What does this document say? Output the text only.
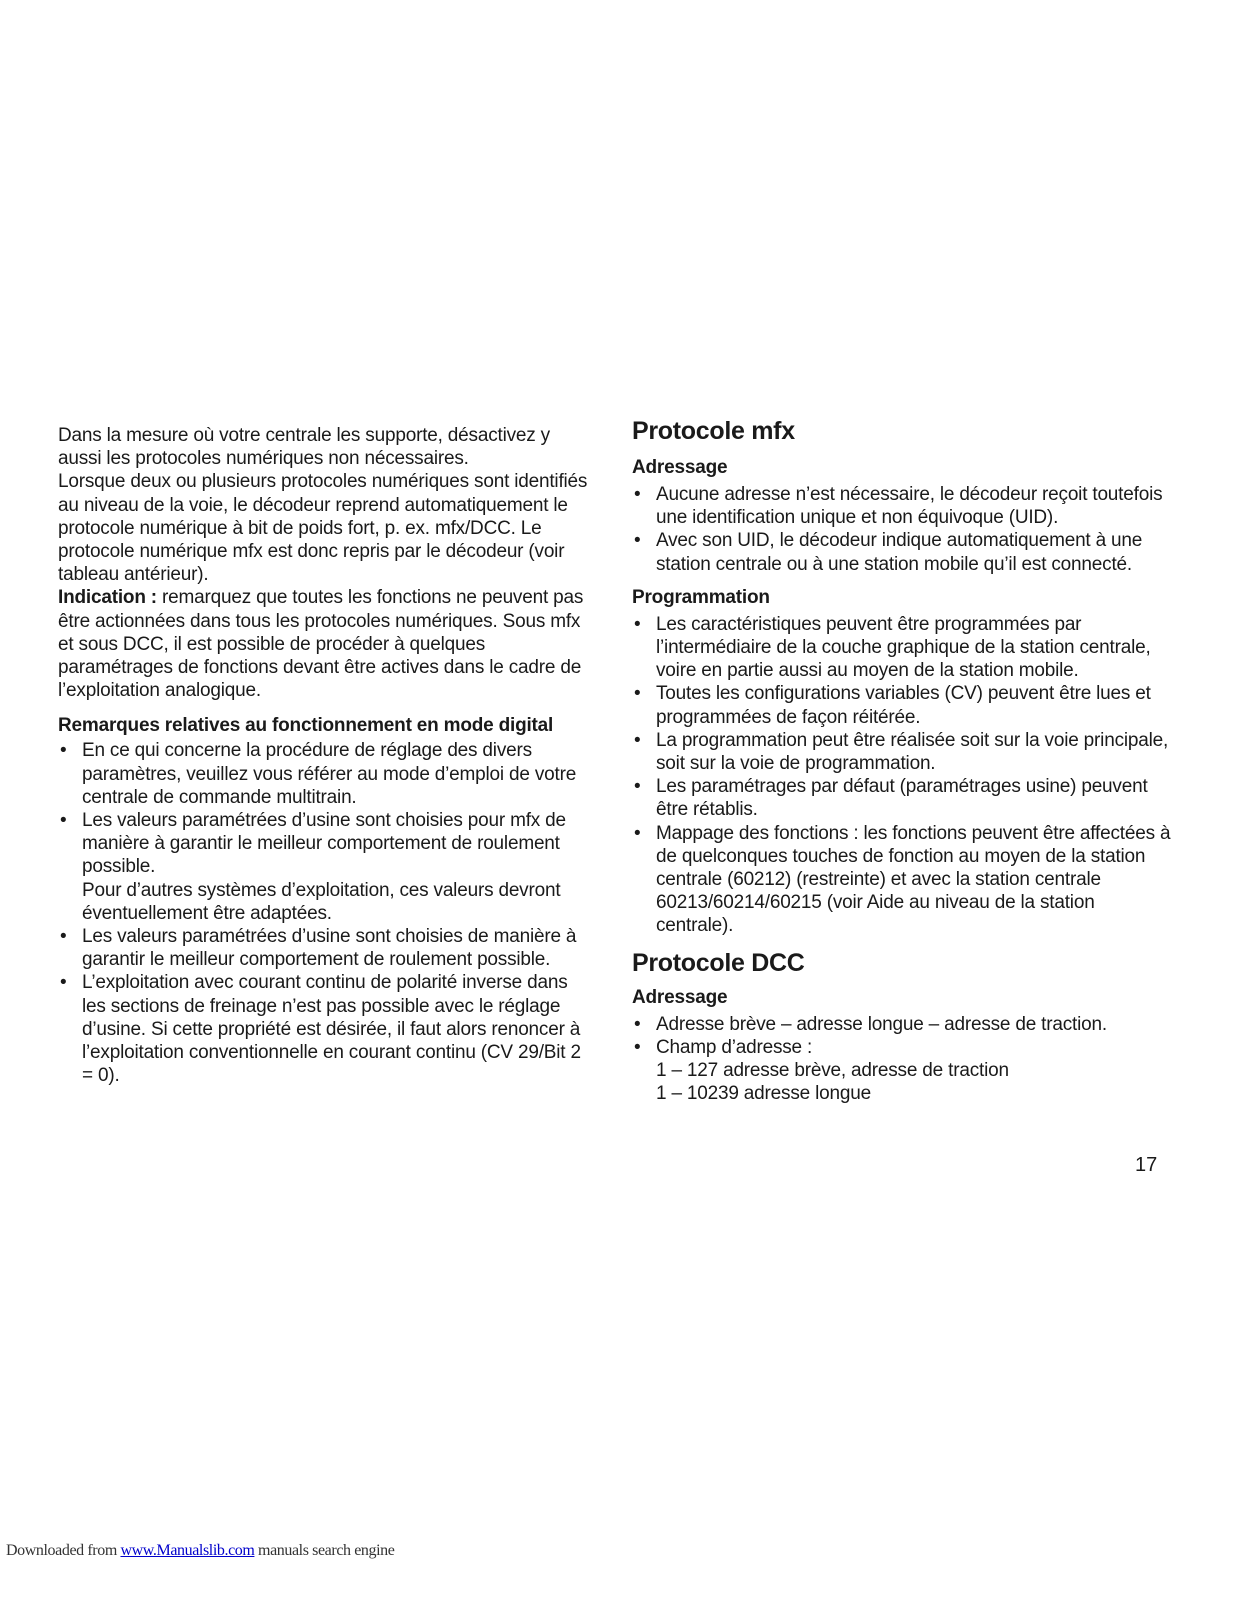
Dans la mesure où votre centrale les supporte, désactivez y aussi les protocoles numériques non nécessaires.

Lorsque deux ou plusieurs protocoles numériques sont identifiés au niveau de la voie, le décodeur reprend automatiquement le protocole numérique à bit de poids fort, p. ex. mfx/DCC. Le protocole numérique mfx est donc repris par le décodeur (voir tableau antérieur).

Indication : remarquez que toutes les fonctions ne peuvent pas être actionnées dans tous les protocoles numériques. Sous mfx et sous DCC, il est possible de procéder à quelques paramétrages de fonctions devant être actives dans le cadre de l’exploitation analogique.

Remarques relatives au fonctionnement en mode digital
• En ce qui concerne la procédure de réglage des divers paramètres, veuillez vous référer au mode d’emploi de votre centrale de commande multitrain.
• Les valeurs paramétrées d’usine sont choisies pour mfx de manière à garantir le meilleur comportement de roulement possible.
Pour d’autres systèmes d’exploitation, ces valeurs devront éventuellement être adaptées.
• Les valeurs paramétrées d’usine sont choisies de manière à garantir le meilleur comportement de roulement possible.
• L’exploitation avec courant continu de polarité inverse dans les sections de freinage n’est pas possible avec le réglage d’usine. Si cette propriété est désirée, il faut alors renoncer à l’exploitation conventionnelle en courant continu (CV 29/Bit 2 = 0).
Protocole mfx
Adressage
• Aucune adresse n’est nécessaire, le décodeur reçoit toutefois une identification unique et non équivoque (UID).
• Avec son UID, le décodeur indique automatiquement à une station centrale ou à une station mobile qu’il est connecté.
Programmation
• Les caractéristiques peuvent être programmées par l’intermédiaire de la couche graphique de la station centrale, voire en partie aussi au moyen de la station mobile.
• Toutes les configurations variables (CV) peuvent être lues et programmées de façon réitérée.
• La programmation peut être réalisée soit sur la voie principale, soit sur la voie de programmation.
• Les paramétrages par défaut (paramétrages usine) peuvent être rétablis.
• Mappage des fonctions : les fonctions peuvent être affectées à de quelconques touches de fonction au moyen de la station centrale (60212) (restreinte) et avec la station centrale 60213/60214/60215 (voir Aide au niveau de la station centrale).
Protocole DCC
Adressage
• Adresse brève – adresse longue – adresse de traction.
• Champ d’adresse :
1 – 127 adresse brève, adresse de traction
1 – 10239 adresse longue
17
Downloaded from www.Manualslib.com manuals search engine
